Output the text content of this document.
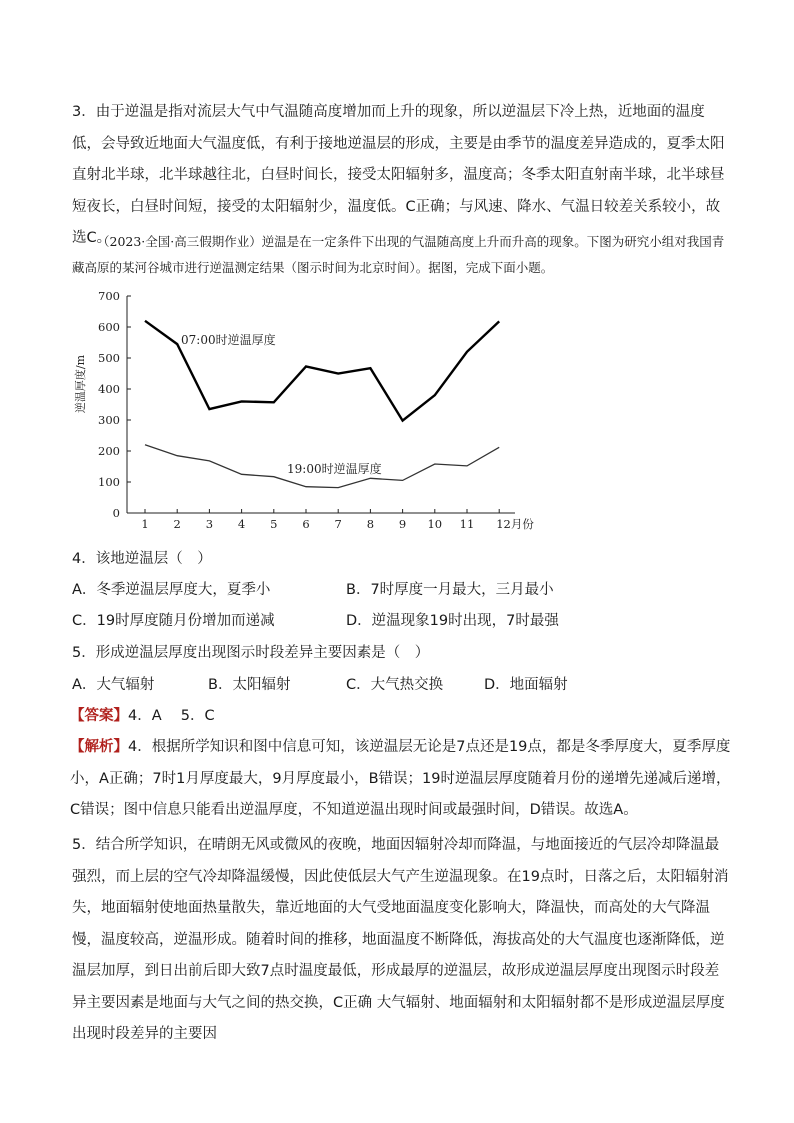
3．由于逆温是指对流层大气中气温随高度增加而上升的现象，所以逆温层下冷上热，近地面的温度低，会导致近地面大气温度低，有利于接地逆温层的形成，主要是由季节的温度差异造成的，夏季太阳直射北半球，北半球越往北，白昼时间长，接受太阳辐射多，温度高；冬季太阳直射南半球，北半球昼短夜长，白昼时间短，接受的太阳辐射少，温度低。C正确；与风速、降水、气温日较差关系较小，故选C。

（2023·全国·高三假期作业）逆温是在一定条件下出现的气温随高度上升而升高的现象。下图为研究小组对我国青藏高原的某河谷城市进行逆温测定结果（图示时间为北京时间）。据图，完成下面小题。

0
100
200
300
400
500
600
700
1 2 3 4 5 6 7 8 9 10 11 12月份
逆温厚度/m
07:00时逆温厚度
19:00时逆温厚度
4．该地逆温层（　）
A．冬季逆温层厚度大，夏季小	B．7时厚度一月最大，三月最小
C．19时厚度随月份增加而递减	D．逆温现象19时出现，7时最强
5．形成逆温层厚度出现图示时段差异主要因素是（　）
A．大气辐射	B．太阳辐射	C．大气热交换	D．地面辐射
【答案】4．A　 5．C

【解析】4．根据所学知识和图中信息可知，该逆温层无论是7点还是19点，都是冬季厚度大，夏季厚度小，A正确；7时1月厚度最大，9月厚度最小，B错误；19时逆温层厚度随着月份的递增先递减后递增，C错误；图中信息只能看出逆温厚度，不知道逆温出现时间或最强时间，D错误。故选A。

5．结合所学知识，在晴朗无风或微风的夜晚，地面因辐射冷却而降温，与地面接近的气层冷却降温最强烈，而上层的空气冷却降温缓慢，因此使低层大气产生逆温现象。在19点时，日落之后，太阳辐射消失，地面辐射使地面热量散失，靠近地面的大气受地面温度变化影响大，降温快，而高处的大气降温慢，温度较高，逆温形成。随着时间的推移，地面温度不断降低，海拔高处的大气温度也逐渐降低，逆温层加厚，到日出前后即大致7点时温度最低，形成最厚的逆温层，故形成逆温层厚度出现图示时段差异主要因素是地面与大气之间的热交换，C正确 大气辐射、地面辐射和太阳辐射都不是形成逆温层厚度出现时段差异的主要因
